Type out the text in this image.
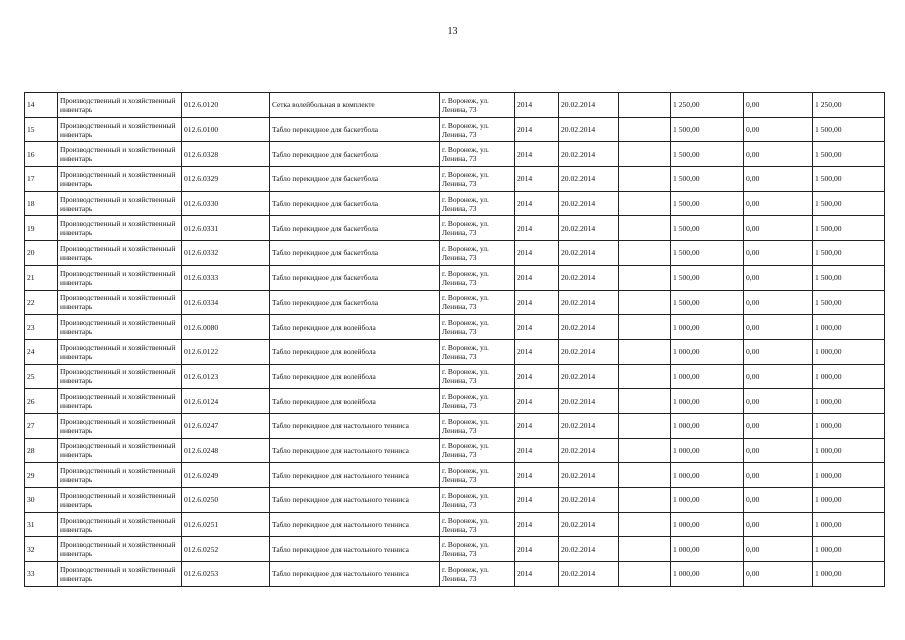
13
14	Производственный и хозяйственный инвентарь	012.6.0120	Сетка волейбольная в комплекте	г. Воронеж, ул. Ленина, 73	2014	20.02.2014		1 250,00	0,00	1 250,00
15	Производственный и хозяйственный инвентарь	012.6.0100	Табло перекидное для баскетбола	г. Воронеж, ул. Ленина, 73	2014	20.02.2014		1 500,00	0,00	1 500,00
16	Производственный и хозяйственный инвентарь	012.6.0328	Табло перекидное для баскетбола	г. Воронеж, ул. Ленина, 73	2014	20.02.2014		1 500,00	0,00	1 500,00
17	Производственный и хозяйственный инвентарь	012.6.0329	Табло перекидное для баскетбола	г. Воронеж, ул. Ленина, 73	2014	20.02.2014		1 500,00	0,00	1 500,00
18	Производственный и хозяйственный инвентарь	012.6.0330	Табло перекидное для баскетбола	г. Воронеж, ул. Ленина, 73	2014	20.02.2014		1 500,00	0,00	1 500,00
19	Производственный и хозяйственный инвентарь	012.6.0331	Табло перекидное для баскетбола	г. Воронеж, ул. Ленина, 73	2014	20.02.2014		1 500,00	0,00	1 500,00
20	Производственный и хозяйственный инвентарь	012.6.0332	Табло перекидное для баскетбола	г. Воронеж, ул. Ленина, 73	2014	20.02.2014		1 500,00	0,00	1 500,00
21	Производственный и хозяйственный инвентарь	012.6.0333	Табло перекидное для баскетбола	г. Воронеж, ул. Ленина, 73	2014	20.02.2014		1 500,00	0,00	1 500,00
22	Производственный и хозяйственный инвентарь	012.6.0334	Табло перекидное для баскетбола	г. Воронеж, ул. Ленина, 73	2014	20.02.2014		1 500,00	0,00	1 500,00
23	Производственный и хозяйственный инвентарь	012.6.0080	Табло перекидное для волейбола	г. Воронеж, ул. Ленина, 73	2014	20.02.2014		1 000,00	0,00	1 000,00
24	Производственный и хозяйственный инвентарь	012.6.0122	Табло перекидное для волейбола	г. Воронеж, ул. Ленина, 73	2014	20.02.2014		1 000,00	0,00	1 000,00
25	Производственный и хозяйственный инвентарь	012.6.0123	Табло перекидное для волейбола	г. Воронеж, ул. Ленина, 73	2014	20.02.2014		1 000,00	0,00	1 000,00
26	Производственный и хозяйственный инвентарь	012.6.0124	Табло перекидное для волейбола	г. Воронеж, ул. Ленина, 73	2014	20.02.2014		1 000,00	0,00	1 000,00
27	Производственный и хозяйственный инвентарь	012.6.0247	Табло перекидное для настольного тенниса	г. Воронеж, ул. Ленина, 73	2014	20.02.2014		1 000,00	0,00	1 000,00
28	Производственный и хозяйственный инвентарь	012.6.0248	Табло перекидное для настольного тенниса	г. Воронеж, ул. Ленина, 73	2014	20.02.2014		1 000,00	0,00	1 000,00
29	Производственный и хозяйственный инвентарь	012.6.0249	Табло перекидное для настольного тенниса	г. Воронеж, ул. Ленина, 73	2014	20.02.2014		1 000,00	0,00	1 000,00
30	Производственный и хозяйственный инвентарь	012.6.0250	Табло перекидное для настольного тенниса	г. Воронеж, ул. Ленина, 73	2014	20.02.2014		1 000,00	0,00	1 000,00
31	Производственный и хозяйственный инвентарь	012.6.0251	Табло перекидное для настольного тенниса	г. Воронеж, ул. Ленина, 73	2014	20.02.2014		1 000,00	0,00	1 000,00
32	Производственный и хозяйственный инвентарь	012.6.0252	Табло перекидное для настольного тенниса	г. Воронеж, ул. Ленина, 73	2014	20.02.2014		1 000,00	0,00	1 000,00
33	Производственный и хозяйственный инвентарь	012.6.0253	Табло перекидное для настольного тенниса	г. Воронеж, ул. Ленина, 73	2014	20.02.2014		1 000,00	0,00	1 000,00
